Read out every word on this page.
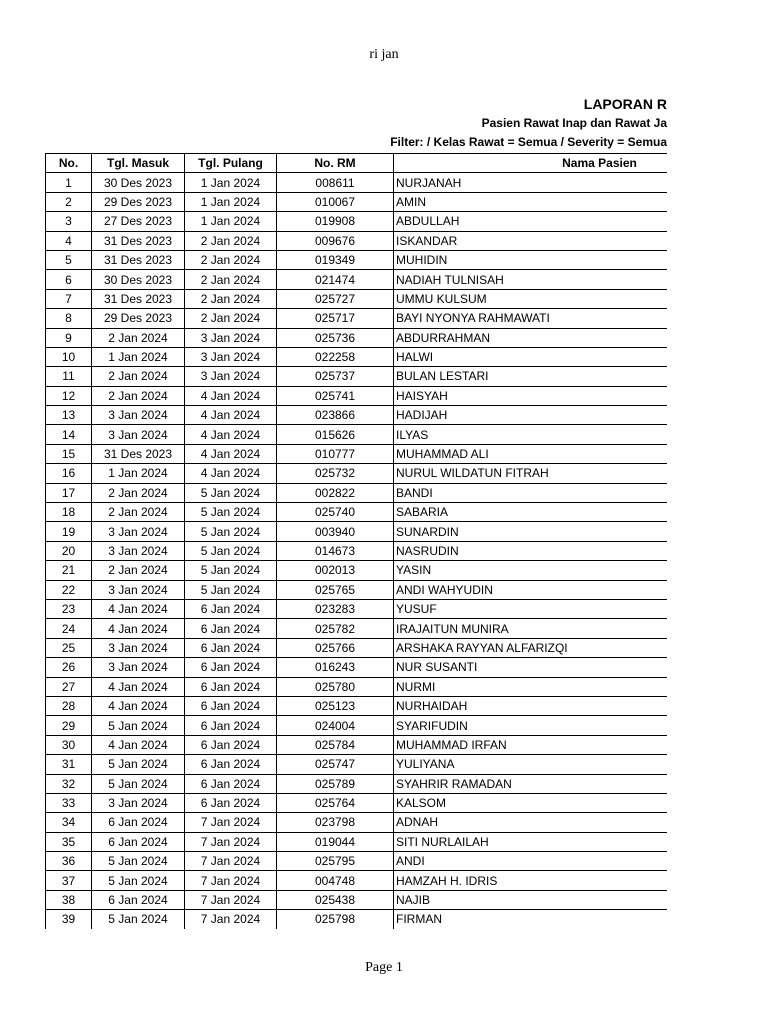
ri jan
LAPORAN R
Pasien Rawat Inap dan Rawat Ja
Filter: / Kelas Rawat = Semua / Severity = Semua
No.	Tgl. Masuk	Tgl. Pulang	No. RM	Nama Pasien
1	30 Des 2023	1 Jan 2024	008611	NURJANAH
2	29 Des 2023	1 Jan 2024	010067	AMIN
3	27 Des 2023	1 Jan 2024	019908	ABDULLAH
4	31 Des 2023	2 Jan 2024	009676	ISKANDAR
5	31 Des 2023	2 Jan 2024	019349	MUHIDIN
6	30 Des 2023	2 Jan 2024	021474	NADIAH TULNISAH
7	31 Des 2023	2 Jan 2024	025727	UMMU KULSUM
8	29 Des 2023	2 Jan 2024	025717	BAYI NYONYA RAHMAWATI
9	2 Jan 2024	3 Jan 2024	025736	ABDURRAHMAN
10	1 Jan 2024	3 Jan 2024	022258	HALWI
11	2 Jan 2024	3 Jan 2024	025737	BULAN LESTARI
12	2 Jan 2024	4 Jan 2024	025741	HAISYAH
13	3 Jan 2024	4 Jan 2024	023866	HADIJAH
14	3 Jan 2024	4 Jan 2024	015626	ILYAS
15	31 Des 2023	4 Jan 2024	010777	MUHAMMAD ALI
16	1 Jan 2024	4 Jan 2024	025732	NURUL WILDATUN FITRAH
17	2 Jan 2024	5 Jan 2024	002822	BANDI
18	2 Jan 2024	5 Jan 2024	025740	SABARIA
19	3 Jan 2024	5 Jan 2024	003940	SUNARDIN
20	3 Jan 2024	5 Jan 2024	014673	NASRUDIN
21	2 Jan 2024	5 Jan 2024	002013	YASIN
22	3 Jan 2024	5 Jan 2024	025765	ANDI WAHYUDIN
23	4 Jan 2024	6 Jan 2024	023283	YUSUF
24	4 Jan 2024	6 Jan 2024	025782	IRAJAITUN MUNIRA
25	3 Jan 2024	6 Jan 2024	025766	ARSHAKA RAYYAN ALFARIZQI
26	3 Jan 2024	6 Jan 2024	016243	NUR SUSANTI
27	4 Jan 2024	6 Jan 2024	025780	NURMI
28	4 Jan 2024	6 Jan 2024	025123	NURHAIDAH
29	5 Jan 2024	6 Jan 2024	024004	SYARIFUDIN
30	4 Jan 2024	6 Jan 2024	025784	MUHAMMAD IRFAN
31	5 Jan 2024	6 Jan 2024	025747	YULIYANA
32	5 Jan 2024	6 Jan 2024	025789	SYAHRIR RAMADAN
33	3 Jan 2024	6 Jan 2024	025764	KALSOM
34	6 Jan 2024	7 Jan 2024	023798	ADNAH
35	6 Jan 2024	7 Jan 2024	019044	SITI NURLAILAH
36	5 Jan 2024	7 Jan 2024	025795	ANDI
37	5 Jan 2024	7 Jan 2024	004748	HAMZAH H. IDRIS
38	6 Jan 2024	7 Jan 2024	025438	NAJIB
39	5 Jan 2024	7 Jan 2024	025798	FIRMAN
Page 1
